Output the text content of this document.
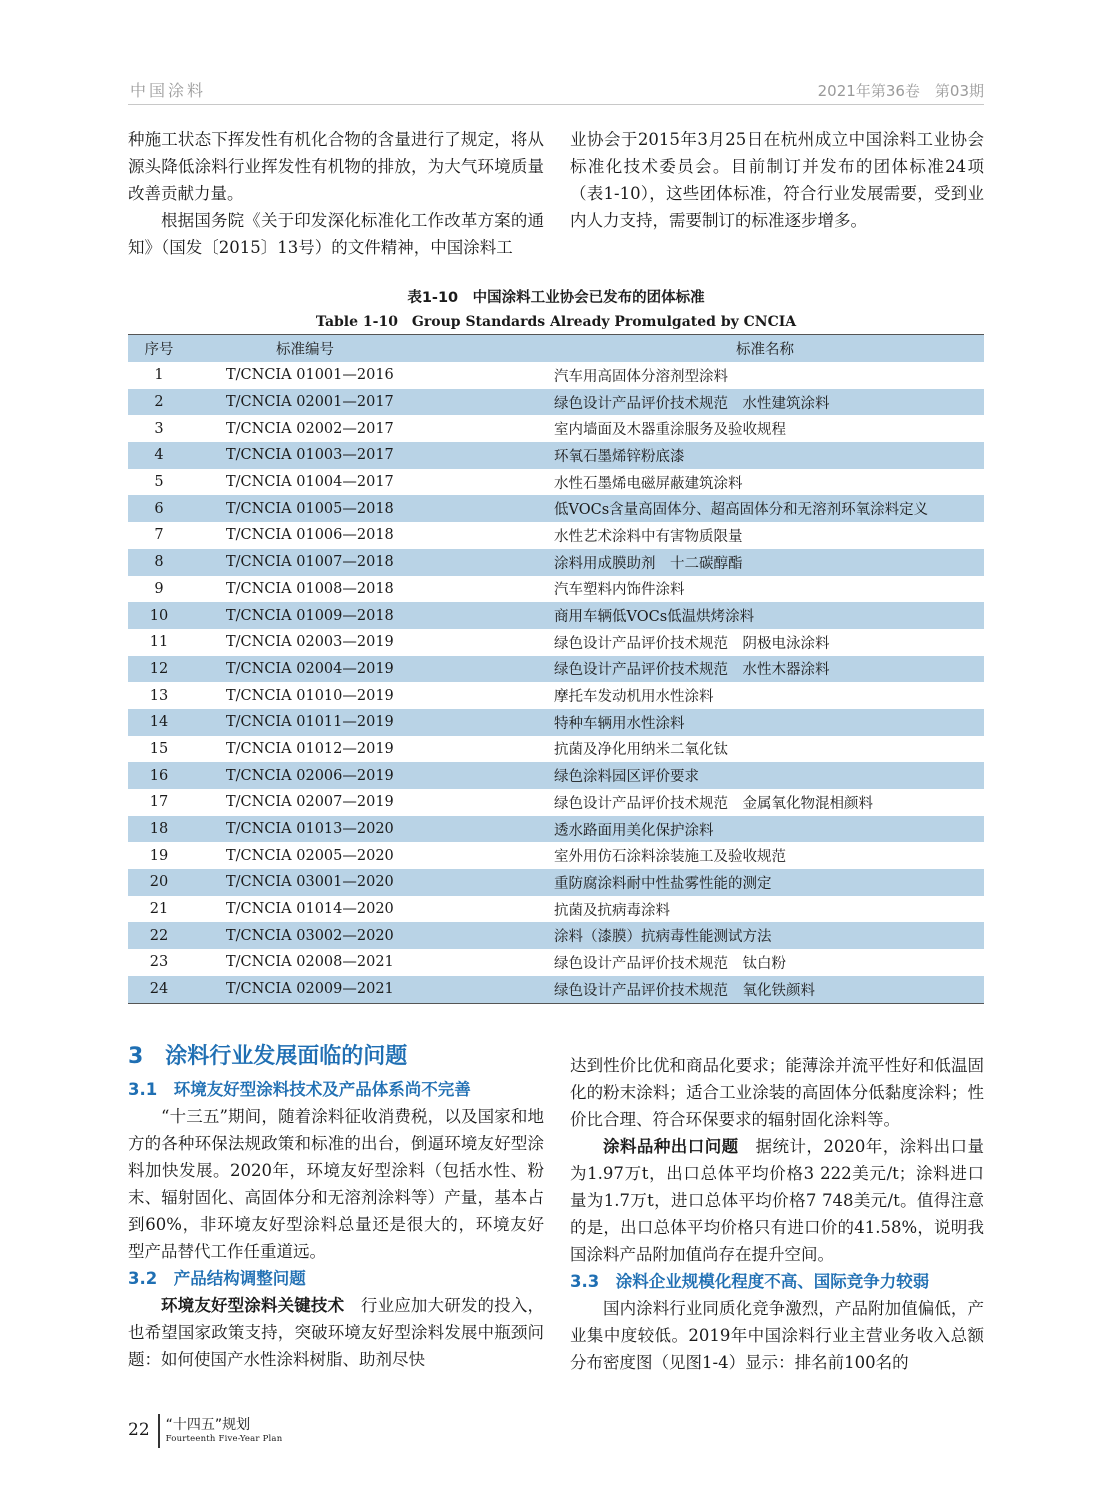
中国涂料	2021年第36卷　第03期

种施工状态下挥发性有机化合物的含量进行了规定，将从源头降低涂料行业挥发性有机物的排放，为大气环境质量改善贡献力量。

根据国务院《关于印发深化标准化工作改革方案的通知》（国发〔2015〕13号）的文件精神，中国涂料工

业协会于2015年3月25日在杭州成立中国涂料工业协会标准化技术委员会。目前制订并发布的团体标准24项（表1-10），这些团体标准，符合行业发展需要，受到业内人力支持，需要制订的标准逐步增多。

表1-10　中国涂料工业协会已发布的团体标准
Table 1-10　Group Standards Already Promulgated by CNCIA
序号	标准编号	标准名称
1	T/CNCIA 01001—2016	汽车用高固体分溶剂型涂料
2	T/CNCIA 02001—2017	绿色设计产品评价技术规范　水性建筑涂料
3	T/CNCIA 02002—2017	室内墙面及木器重涂服务及验收规程
4	T/CNCIA 01003—2017	环氧石墨烯锌粉底漆
5	T/CNCIA 01004—2017	水性石墨烯电磁屏蔽建筑涂料
6	T/CNCIA 01005—2018	低VOCs含量高固体分、超高固体分和无溶剂环氧涂料定义
7	T/CNCIA 01006—2018	水性艺术涂料中有害物质限量
8	T/CNCIA 01007—2018	涂料用成膜助剂　十二碳醇酯
9	T/CNCIA 01008—2018	汽车塑料内饰件涂料
10	T/CNCIA 01009—2018	商用车辆低VOCs低温烘烤涂料
11	T/CNCIA 02003—2019	绿色设计产品评价技术规范　阴极电泳涂料
12	T/CNCIA 02004—2019	绿色设计产品评价技术规范　水性木器涂料
13	T/CNCIA 01010—2019	摩托车发动机用水性涂料
14	T/CNCIA 01011—2019	特种车辆用水性涂料
15	T/CNCIA 01012—2019	抗菌及净化用纳米二氧化钛
16	T/CNCIA 02006—2019	绿色涂料园区评价要求
17	T/CNCIA 02007—2019	绿色设计产品评价技术规范　金属氧化物混相颜料
18	T/CNCIA 01013—2020	透水路面用美化保护涂料
19	T/CNCIA 02005—2020	室外用仿石涂料涂装施工及验收规范
20	T/CNCIA 03001—2020	重防腐涂料耐中性盐雾性能的测定
21	T/CNCIA 01014—2020	抗菌及抗病毒涂料
22	T/CNCIA 03002—2020	涂料（漆膜）抗病毒性能测试方法
23	T/CNCIA 02008—2021	绿色设计产品评价技术规范　钛白粉
24	T/CNCIA 02009—2021	绿色设计产品评价技术规范　氧化铁颜料

3　涂料行业发展面临的问题

3.1　环境友好型涂料技术及产品体系尚不完善

“十三五”期间，随着涂料征收消费税，以及国家和地方的各种环保法规政策和标准的出台，倒逼环境友好型涂料加快发展。2020年，环境友好型涂料（包括水性、粉末、辐射固化、高固体分和无溶剂涂料等）产量，基本占到60%，非环境友好型涂料总量还是很大的，环境友好型产品替代工作任重道远。

3.2　产品结构调整问题

环境友好型涂料关键技术　行业应加大研发的投入，也希望国家政策支持，突破环境友好型涂料发展中瓶颈问题：如何使国产水性涂料树脂、助剂尽快

达到性价比优和商品化要求；能薄涂并流平性好和低温固化的粉末涂料；适合工业涂装的高固体分低黏度涂料；性价比合理、符合环保要求的辐射固化涂料等。

涂料品种出口问题　据统计，2020年，涂料出口量为1.97万t，出口总体平均价格3 222美元/t；涂料进口量为1.7万t，进口总体平均价格7 748美元/t。值得注意的是，出口总体平均价格只有进口价的41.58%，说明我国涂料产品附加值尚存在提升空间。

3.3　涂料企业规模化程度不高、国际竞争力较弱

国内涂料行业同质化竞争激烈，产品附加值偏低，产业集中度较低。2019年中国涂料行业主营业务收入总额分布密度图（见图1-4）显示：排名前100名的

22 “十四五”规划
Fourteenth Five-Year Plan
